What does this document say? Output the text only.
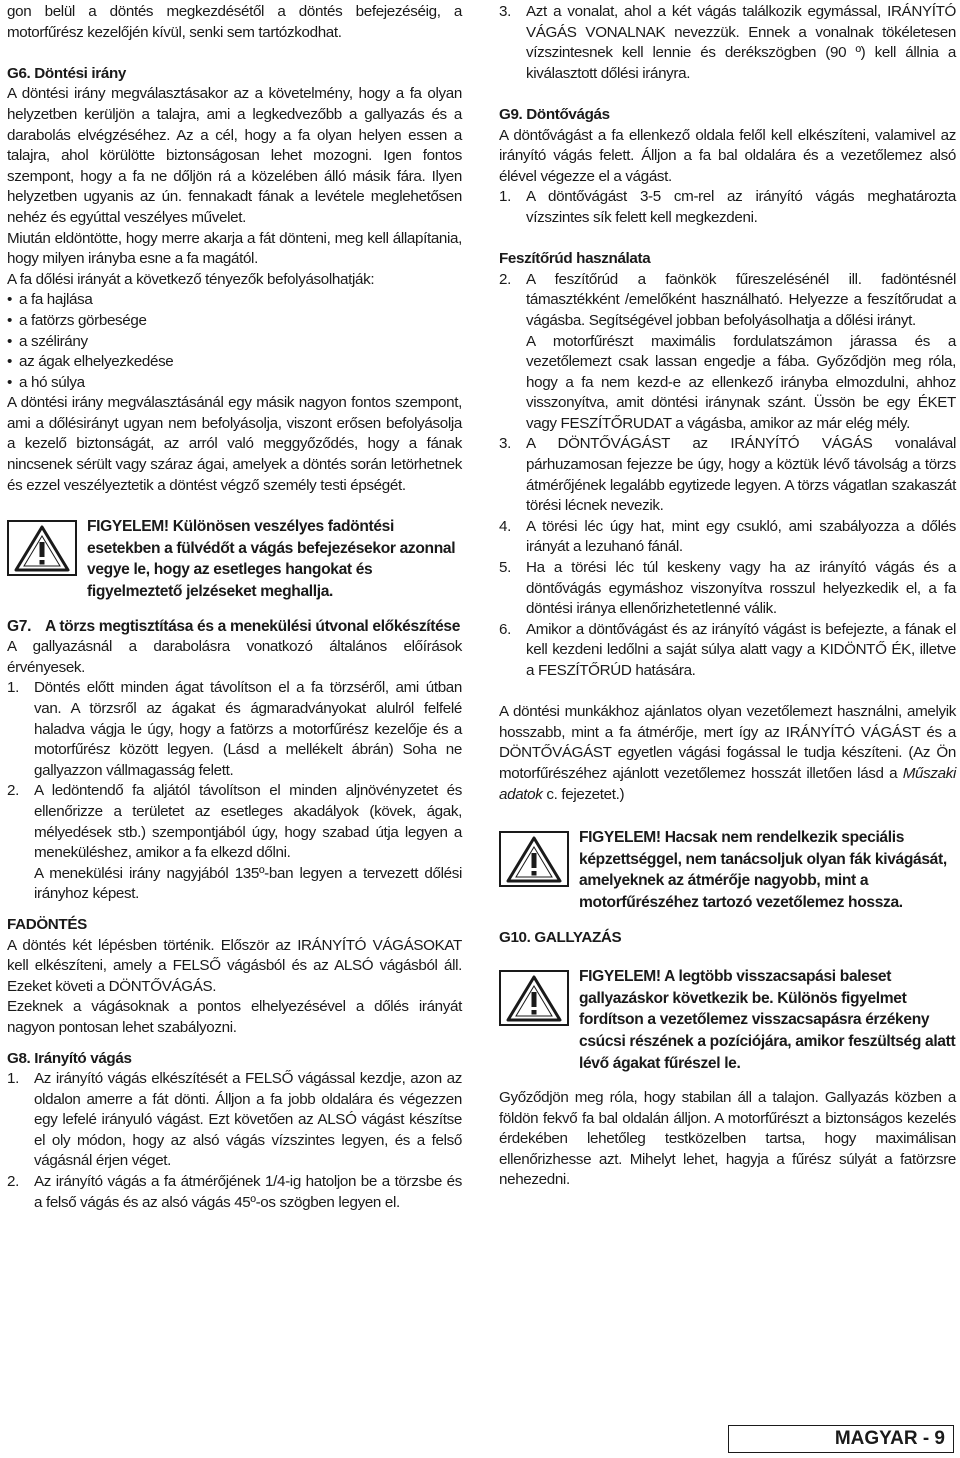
gon belül a döntés megkezdésétől a döntés befejezéséig, a motorfűrész kezelőjén kívül, senki sem tartózkodhat.

G6. Döntési irány

A döntési irány megválasztásakor az a követelmény, hogy a fa olyan helyzetben kerüljön a talajra, ami a legkedvezőbb a gallyazás és a darabolás elvégzéséhez. Az a cél, hogy a fa olyan helyen essen a talajra, ahol körülötte biztonságosan lehet mozogni. Igen fontos szempont, hogy a fa ne dőljön rá a közelében álló másik fára. Ilyen helyzetben ugyanis az ún. fennakadt fának a levétele meglehetősen nehéz és egyúttal veszélyes művelet.

Miután eldöntötte, hogy merre akarja a fát dönteni, meg kell állapítania, hogy milyen irányba esne a fa magától.

A fa dőlési irányát a következő tényezők befolyásolhatják:

• a fa hajlása
• a fatörzs görbesége
• a szélirány
• az ágak elhelyezkedése
• a hó súlya

A döntési irány megválasztásánál egy másik nagyon fontos szempont, ami a dőlésirányt ugyan nem befolyásolja, viszont erősen befolyásolja a kezelő biztonságát, az arról való meggyőződés, hogy a fának nincsenek sérült vagy száraz ágai, amelyek a döntés során letörhetnek és ezzel veszélyeztetik a döntést végző személy testi épségét.

FIGYELEM! Különösen veszélyes fadöntési esetekben a fülvédőt a vágás befejezésekor azonnal vegye le, hogy az esetleges hangokat és figyelmeztető jelzéseket meghallja.
G7. A törzs megtisztítása és a menekülési útvonal előkészítése

A gallyazásnál a darabolásra vonatkozó általános előírások érvényesek.

1. Döntés előtt minden ágat távolítson el a fa törzséről, ami útban van. A törzsről az ágakat és ágmaradványokat alulról felfelé haladva vágja le úgy, hogy a fatörzs a motorfűrész kezelője és a motorfűrész között legyen. (Lásd a mellékelt ábrán) Soha ne gallyazzon vállmagasság felett.
2. A ledöntendő fa aljától távolítson el minden aljnövényzetet és ellenőrizze a területet az esetleges akadályok (kövek, ágak, mélyedések stb.) szempontjából úgy, hogy szabad útja legyen a meneküléshez, amikor a fa elkezd dőlni.
A menekülési irány nagyjából 135º-ban legyen a tervezett dőlési irányhoz képest.

FADÖNTÉS

A döntés két lépésben történik. Először az IRÁNYÍTÓ VÁGÁSOKAT kell elkészíteni, amely a FELSŐ vágásból és az ALSÓ vágásból áll. Ezeket követi a DÖNTŐVÁGÁS.

Ezeknek a vágásoknak a pontos elhelyezésével a dőlés irányát nagyon pontosan lehet szabályozni.

G8. Irányító vágás

1. Az irányító vágás elkészítését a FELSŐ vágással kezdje, azon az oldalon amerre a fát dönti. Álljon a fa jobb oldalára és végezzen egy lefelé irányuló vágást. Ezt követően az ALSÓ vágást készítse el oly módon, hogy az alsó vágás vízszintes legyen, és a felső vágásnál érjen véget.
2. Az irányító vágás a fa átmérőjének 1/4-ig hatoljon be a törzsbe és a felső vágás és az alsó vágás 45º-os szögben legyen el.
3. Azt a vonalat, ahol a két vágás találkozik egymással, IRÁNYÍTÓ VÁGÁS VONALNAK nevezzük. Ennek a vonalnak tökéletesen vízszintesnek kell lennie és derékszögben (90 º) kell állnia a kiválasztott dőlési irányra.

G9. Döntővágás

A döntővágást a fa ellenkező oldala felől kell elkészíteni, valamivel az irányító vágás felett. Álljon a fa bal oldalára és a vezetőlemez alsó élével végezze el a vágást.

1. A döntővágást 3-5 cm-rel az irányító vágás meghatározta vízszintes sík felett kell megkezdeni.

Feszítőrúd használata

2. A feszítőrúd a faönkök fűreszelésénél ill. fadöntésnél támasztékként /emelőként használható. Helyezze a feszítőrudat a vágásba. Segítségével jobban befolyásolhatja a dőlési irányt.
A motorfűrészt maximális fordulatszámon járassa és a vezetőlemezt csak lassan engedje a fába. Győződjön meg róla, hogy a fa nem kezd-e az ellenkező irányba elmozdulni, ahhoz visszonyítva, amit döntési iránynak szánt. Üssön be egy ÉKET vagy FESZÍTŐRUDAT a vágásba, amikor az már elég mély.
3. A DÖNTŐVÁGÁST az IRÁNYÍTÓ VÁGÁS vonalával párhuzamosan fejezze be úgy, hogy a köztük lévő távolság a törzs átmérőjének legalább egytizede legyen. A törzs vágatlan szakaszát törési lécnek nevezik.
4. A törési léc úgy hat, mint egy csukló, ami szabályozza a dőlés irányát a lezuhanó fánál.
5. Ha a törési léc túl keskeny vagy ha az irányító vágás és a döntővágás egymáshoz viszonyítva rosszul helyezkedik el, a fa döntési iránya ellenőrizhetetlenné válik.
6. Amikor a döntővágást és az irányító vágást is befejezte, a fának el kell kezdeni ledőlni a saját súlya alatt vagy a KIDÖNTŐ ÉK, illetve a FESZÍTŐRÚD hatására.

A döntési munkákhoz ajánlatos olyan vezetőlemezt használni, amelyik hosszabb, mint a fa átmérője, mert így az IRÁNYÍTÓ VÁGÁST és a DÖNTŐVÁGÁST egyetlen vágási fogással le tudja készíteni. (Az Ön motorfűrészéhez ajánlott vezetőlemez hosszát illetően lásd a Műszaki adatok c. fejezetet.)

FIGYELEM! Hacsak nem rendelkezik speciális képzettséggel, nem tanácsoljuk olyan fák kivágását, amelyeknek az átmérője nagyobb, mint a motorfűrészéhez tartozó vezetőlemez hossza.

G10. GALLYAZÁS

FIGYELEM! A legtöbb visszacsapási baleset gallyazáskor következik be. Különös figyelmet fordítson a vezetőlemez visszacsapásra érzékeny csúcsi részének a pozíciójára, amikor feszültség alatt lévő ágakat fűrészel le.

Győződjön meg róla, hogy stabilan áll a talajon. Gallyazás közben a földön fekvő fa bal oldalán álljon. A motorfűrészt a biztonságos kezelés érdekében lehetőleg testközelben tartsa, hogy maximálisan ellenőrizhesse azt. Mihelyt lehet, hagyja a fűrész súlyát a fatörzsre nehezedni.

MAGYAR - 9
